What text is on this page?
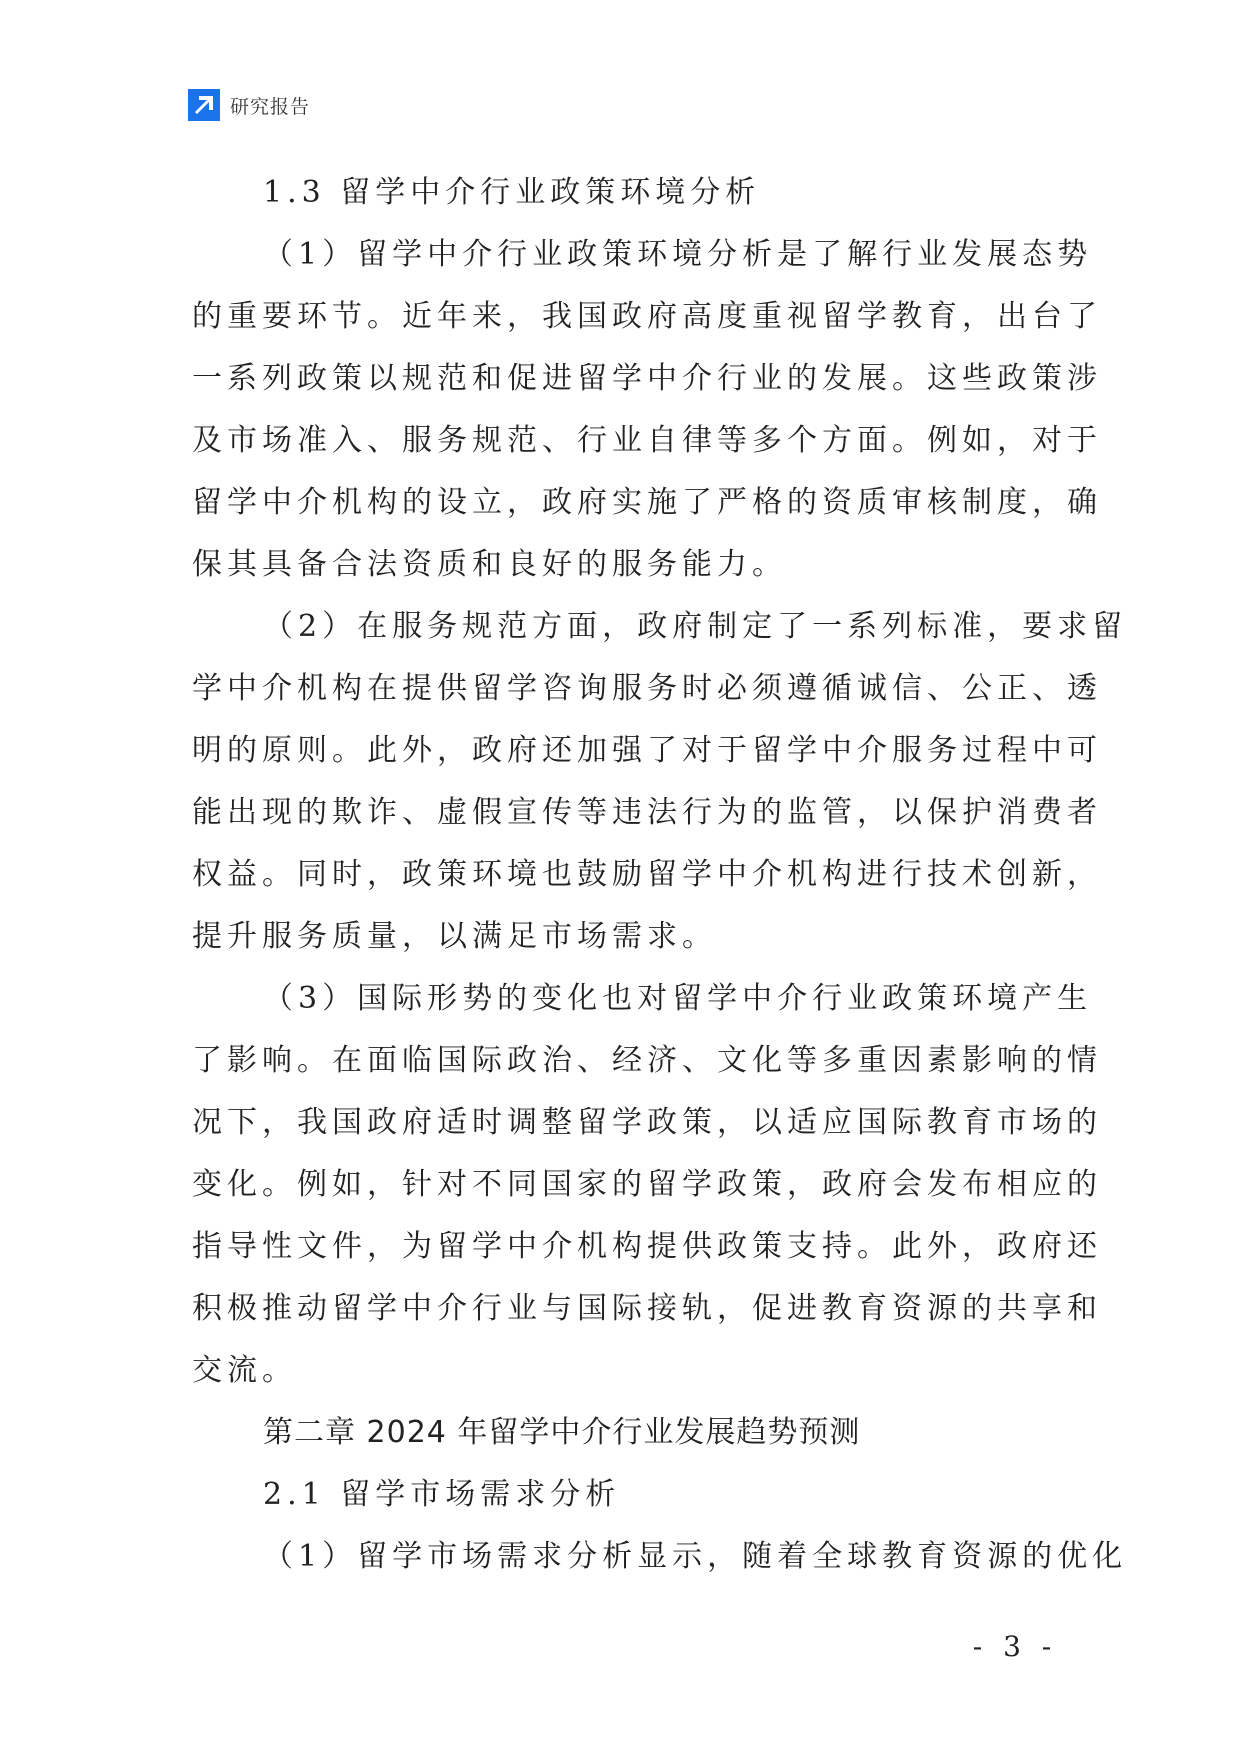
研究报告
1.3 留学中介行业政策环境分析
（1）留学中介行业政策环境分析是了解行业发展态势
的重要环节。近年来，我国政府高度重视留学教育，出台了
一系列政策以规范和促进留学中介行业的发展。这些政策涉
及市场准入、服务规范、行业自律等多个方面。例如，对于
留学中介机构的设立，政府实施了严格的资质审核制度，确
保其具备合法资质和良好的服务能力。
（2）在服务规范方面，政府制定了一系列标准，要求留
学中介机构在提供留学咨询服务时必须遵循诚信、公正、透
明的原则。此外，政府还加强了对于留学中介服务过程中可
能出现的欺诈、虚假宣传等违法行为的监管，以保护消费者
权益。同时，政策环境也鼓励留学中介机构进行技术创新，
提升服务质量，以满足市场需求。
（3）国际形势的变化也对留学中介行业政策环境产生
了影响。在面临国际政治、经济、文化等多重因素影响的情
况下，我国政府适时调整留学政策，以适应国际教育市场的
变化。例如，针对不同国家的留学政策，政府会发布相应的
指导性文件，为留学中介机构提供政策支持。此外，政府还
积极推动留学中介行业与国际接轨，促进教育资源的共享和
交流。
第二章 2024 年留学中介行业发展趋势预测
2.1 留学市场需求分析
（1）留学市场需求分析显示，随着全球教育资源的优化
- 3 -
